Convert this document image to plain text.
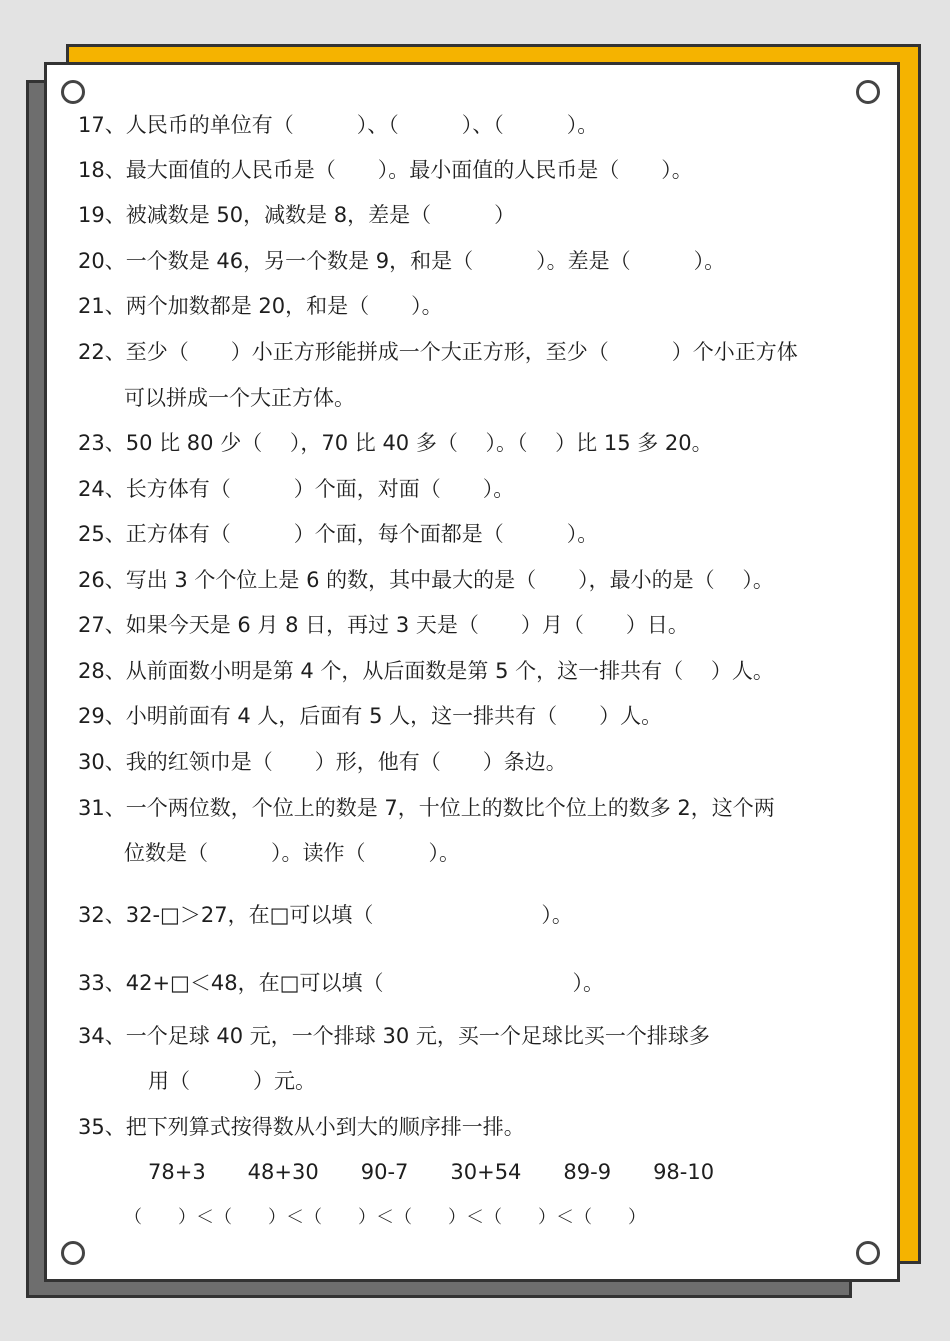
17、人民币的单位有（　　　）、（　　　）、（　　　）。
18、最大面值的人民币是（　　）。最小面值的人民币是（　　）。
19、被减数是 50，减数是 8，差是（　　　）
20、一个数是 46，另一个数是 9，和是（　　　）。差是（　　　）。
21、两个加数都是 20，和是（　　）。
22、至少（　　）小正方形能拼成一个大正方形，至少（　　　）个小正方体
可以拼成一个大正方体。
23、50 比 80 少（　 ），70 比 40 多（　 ）。（　 ）比 15 多 20。
24、长方体有（　　　）个面，对面（　　）。
25、正方体有（　　　）个面，每个面都是（　　　）。
26、写出 3 个个位上是 6 的数，其中最大的是（　　），最小的是（　 ）。
27、如果今天是 6 月 8 日，再过 3 天是（　　）月（　　）日。
28、从前面数小明是第 4 个，从后面数是第 5 个，这一排共有（　 ）人。
29、小明前面有 4 人，后面有 5 人，这一排共有（　　）人。
30、我的红领巾是（　　）形，他有（　　）条边。
31、一个两位数，个位上的数是 7，十位上的数比个位上的数多 2，这个两
位数是（　　　）。读作（　　　）。
32、32-□＞27，在□可以填（　　　　　　　　）。
33、42+□＜48，在□可以填（　　　　　　　　　）。
34、一个足球 40 元，一个排球 30 元，买一个足球比买一个排球多
用（　　　）元。
35、把下列算式按得数从小到大的顺序排一排。
78+3　　48+30　　90-7　　30+54　　89-9　　98-10
（　　）＜（　　）＜（　　）＜（　　）＜（　　）＜（　　）
